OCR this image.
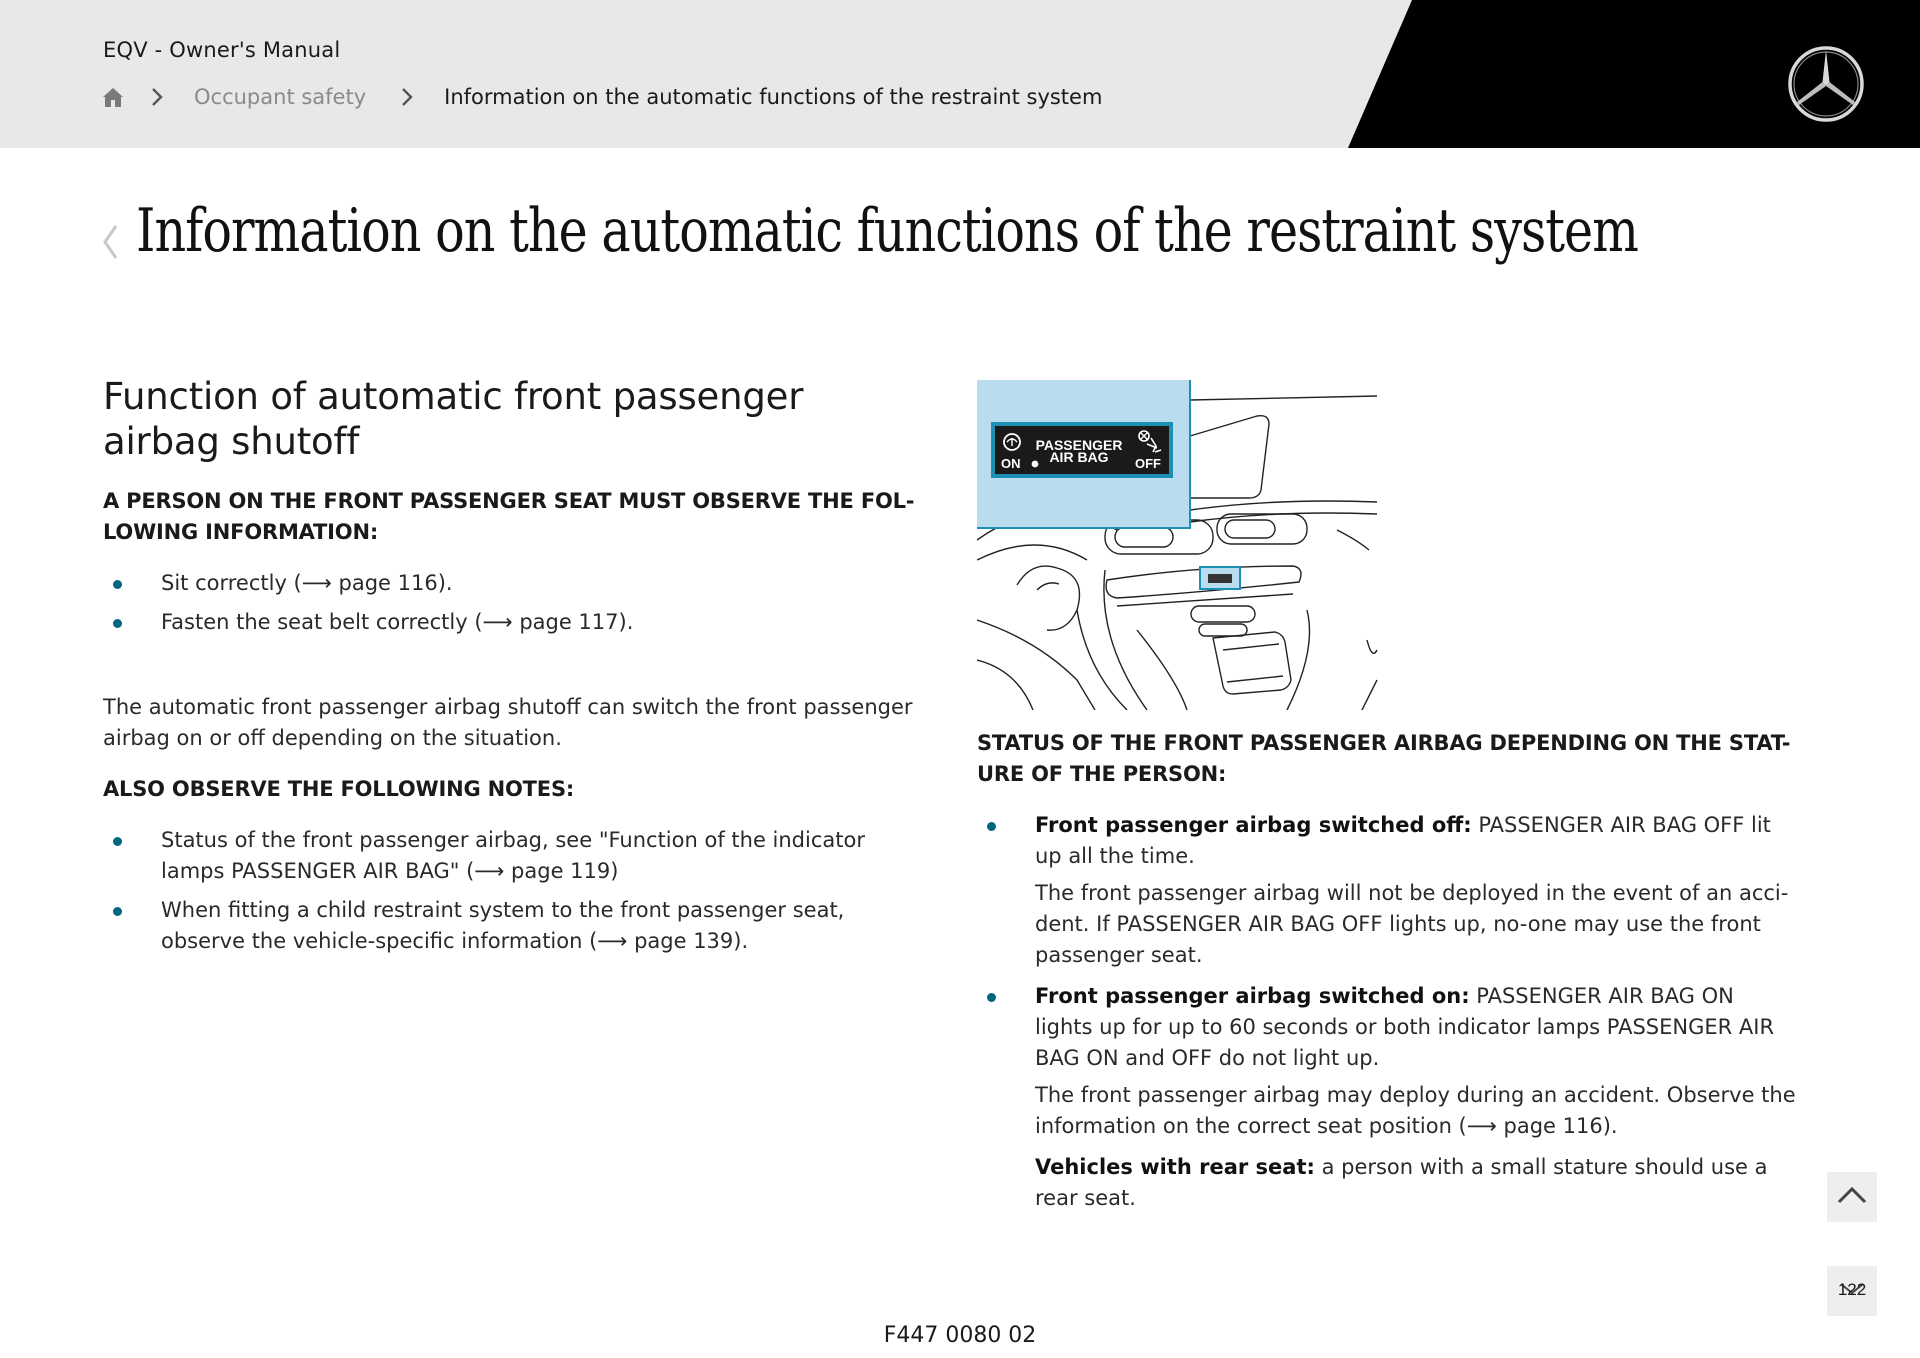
EQV - Owner's Manual
Occupant safety	Information on the automatic functions of the restraint system
Information on the automatic functions of the restraint system
Function of automatic front passenger airbag shutoff
A PERSON ON THE FRONT PASSENGER SEAT MUST OBSERVE THE FOL-LOWING INFORMATION:
Sit correctly (⟶ page 116).
Fasten the seat belt correctly (⟶ page 117).

The automatic front passenger airbag shutoff can switch the front passenger airbag on or off depending on the situation.

ALSO OBSERVE THE FOLLOWING NOTES:
Status of the front passenger airbag, see "Function of the indicator lamps PASSENGER AIR BAG" (⟶ page 119)
When fitting a child restraint system to the front passenger seat, observe the vehicle-specific information (⟶ page 139).
ON
PASSENGER
AIR BAG OFF
STATUS OF THE FRONT PASSENGER AIRBAG DEPENDING ON THE STAT-URE OF THE PERSON:
Front passenger airbag switched off: PASSENGER AIR BAG OFF lit up all the time.

The front passenger airbag will not be deployed in the event of an acci-dent. If PASSENGER AIR BAG OFF lights up, no-one may use the front passenger seat.

Front passenger airbag switched on: PASSENGER AIR BAG ON lights up for up to 60 seconds or both indicator lamps PASSENGER AIR BAG ON and OFF do not light up.

The front passenger airbag may deploy during an accident. Observe the information on the correct seat position (⟶ page 116).

Vehicles with rear seat: a person with a small stature should use a rear seat.

F447 0080 02
122
